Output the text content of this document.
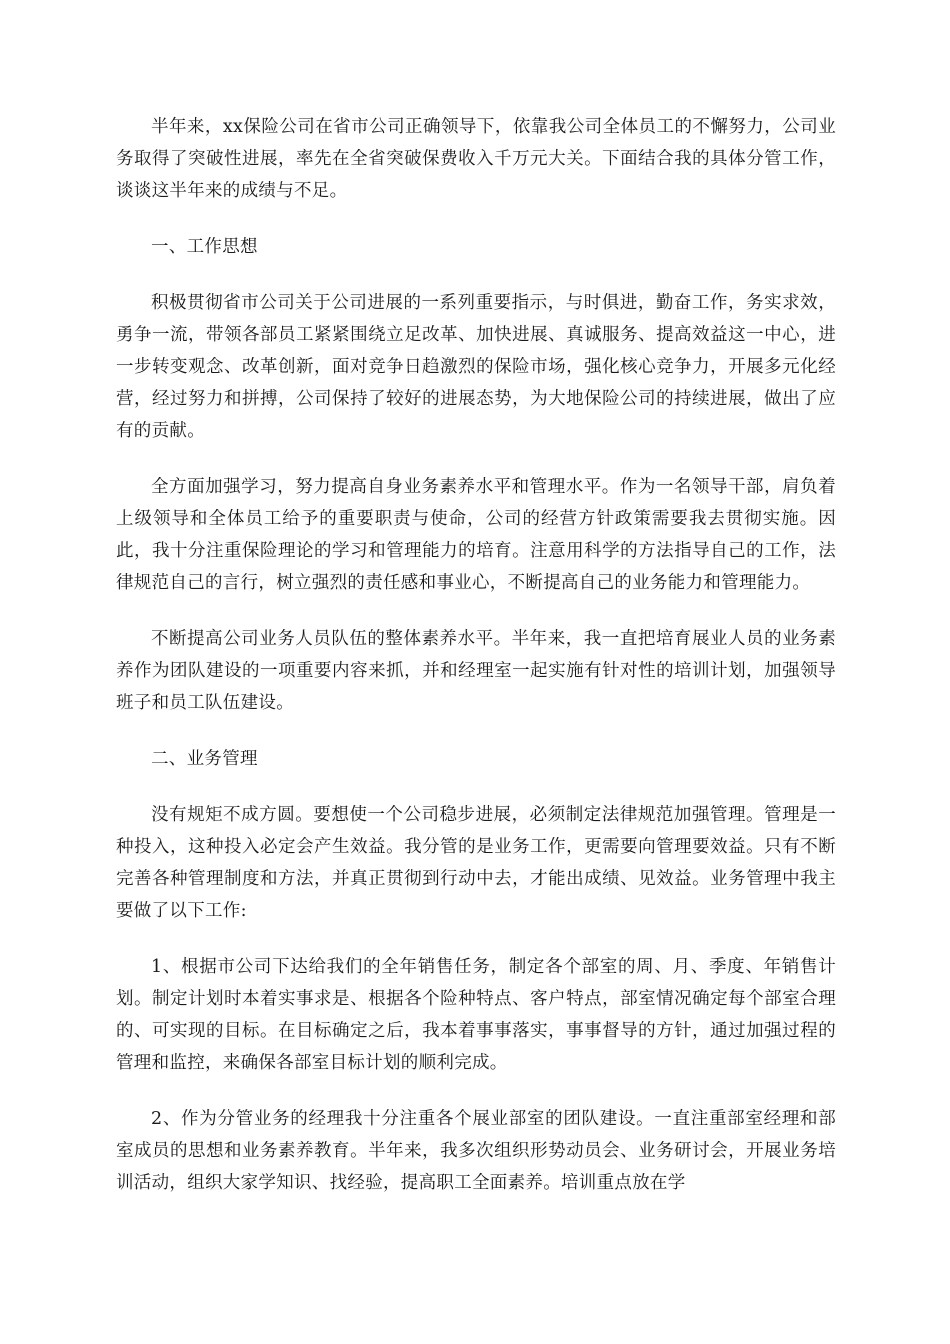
半年来，xx保险公司在省市公司正确领导下，依靠我公司全体员工的不懈努力，公司业务取得了突破性进展，率先在全省突破保费收入千万元大关。下面结合我的具体分管工作，谈谈这半年来的成绩与不足。

一、工作思想

积极贯彻省市公司关于公司进展的一系列重要指示，与时俱进，勤奋工作，务实求效，勇争一流，带领各部员工紧紧围绕立足改革、加快进展、真诚服务、提高效益这一中心，进一步转变观念、改革创新，面对竞争日趋激烈的保险市场，强化核心竞争力，开展多元化经营，经过努力和拼搏，公司保持了较好的进展态势，为大地保险公司的持续进展，做出了应有的贡献。

全方面加强学习，努力提高自身业务素养水平和管理水平。作为一名领导干部，肩负着上级领导和全体员工给予的重要职责与使命，公司的经营方针政策需要我去贯彻实施。因此，我十分注重保险理论的学习和管理能力的培育。注意用科学的方法指导自己的工作，法律规范自己的言行，树立强烈的责任感和事业心，不断提高自己的业务能力和管理能力。

不断提高公司业务人员队伍的整体素养水平。半年来，我一直把培育展业人员的业务素养作为团队建设的一项重要内容来抓，并和经理室一起实施有针对性的培训计划，加强领导班子和员工队伍建设。

二、业务管理

没有规矩不成方圆。要想使一个公司稳步进展，必须制定法律规范加强管理。管理是一种投入，这种投入必定会产生效益。我分管的是业务工作，更需要向管理要效益。只有不断完善各种管理制度和方法，并真正贯彻到行动中去，才能出成绩、见效益。业务管理中我主要做了以下工作:

1、根据市公司下达给我们的全年销售任务，制定各个部室的周、月、季度、年销售计划。制定计划时本着实事求是、根据各个险种特点、客户特点，部室情况确定每个部室合理的、可实现的目标。在目标确定之后，我本着事事落实，事事督导的方针，通过加强过程的管理和监控，来确保各部室目标计划的顺利完成。

2、作为分管业务的经理我十分注重各个展业部室的团队建设。一直注重部室经理和部室成员的思想和业务素养教育。半年来，我多次组织形势动员会、业务研讨会，开展业务培训活动，组织大家学知识、找经验，提高职工全面素养。培训重点放在学
